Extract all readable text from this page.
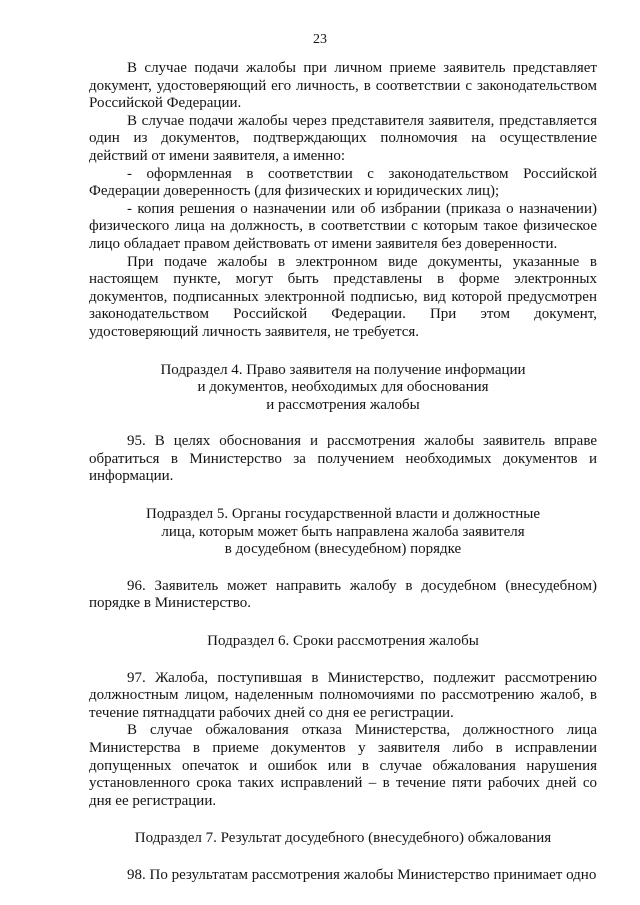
23

В случае подачи жалобы при личном приеме заявитель представляет документ, удостоверяющий его личность, в соответствии с законодательством Российской Федерации.

В случае подачи жалобы через представителя заявителя, представляется один из документов, подтверждающих полномочия на осуществление действий от имени заявителя, а именно:

- оформленная в соответствии с законодательством Российской Федерации доверенность (для физических и юридических лиц);

- копия решения о назначении или об избрании (приказа о назначении) физического лица на должность, в соответствии с которым такое физическое лицо обладает правом действовать от имени заявителя без доверенности.

При подаче жалобы в электронном виде документы, указанные в настоящем пункте, могут быть представлены в форме электронных документов, подписанных электронной подписью, вид которой предусмотрен законодательством Российской Федерации. При этом документ, удостоверяющий личность заявителя, не требуется.

Подраздел 4. Право заявителя на получение информации
и документов, необходимых для обоснования
и рассмотрения жалобы

95. В целях обоснования и рассмотрения жалобы заявитель вправе обратиться в Министерство за получением необходимых документов и информации.

Подраздел 5. Органы государственной власти и должностные
лица, которым может быть направлена жалоба заявителя
в досудебном (внесудебном) порядке

96. Заявитель может направить жалобу в досудебном (внесудебном) порядке в Министерство.

Подраздел 6. Сроки рассмотрения жалобы

97. Жалоба, поступившая в Министерство, подлежит рассмотрению должностным лицом, наделенным полномочиями по рассмотрению жалоб, в течение пятнадцати рабочих дней со дня ее регистрации.

В случае обжалования отказа Министерства, должностного лица Министерства в приеме документов у заявителя либо в исправлении допущенных опечаток и ошибок или в случае обжалования нарушения установленного срока таких исправлений – в течение пяти рабочих дней со дня ее регистрации.

Подраздел 7. Результат досудебного (внесудебного) обжалования

98. По результатам рассмотрения жалобы Министерство принимает одно
